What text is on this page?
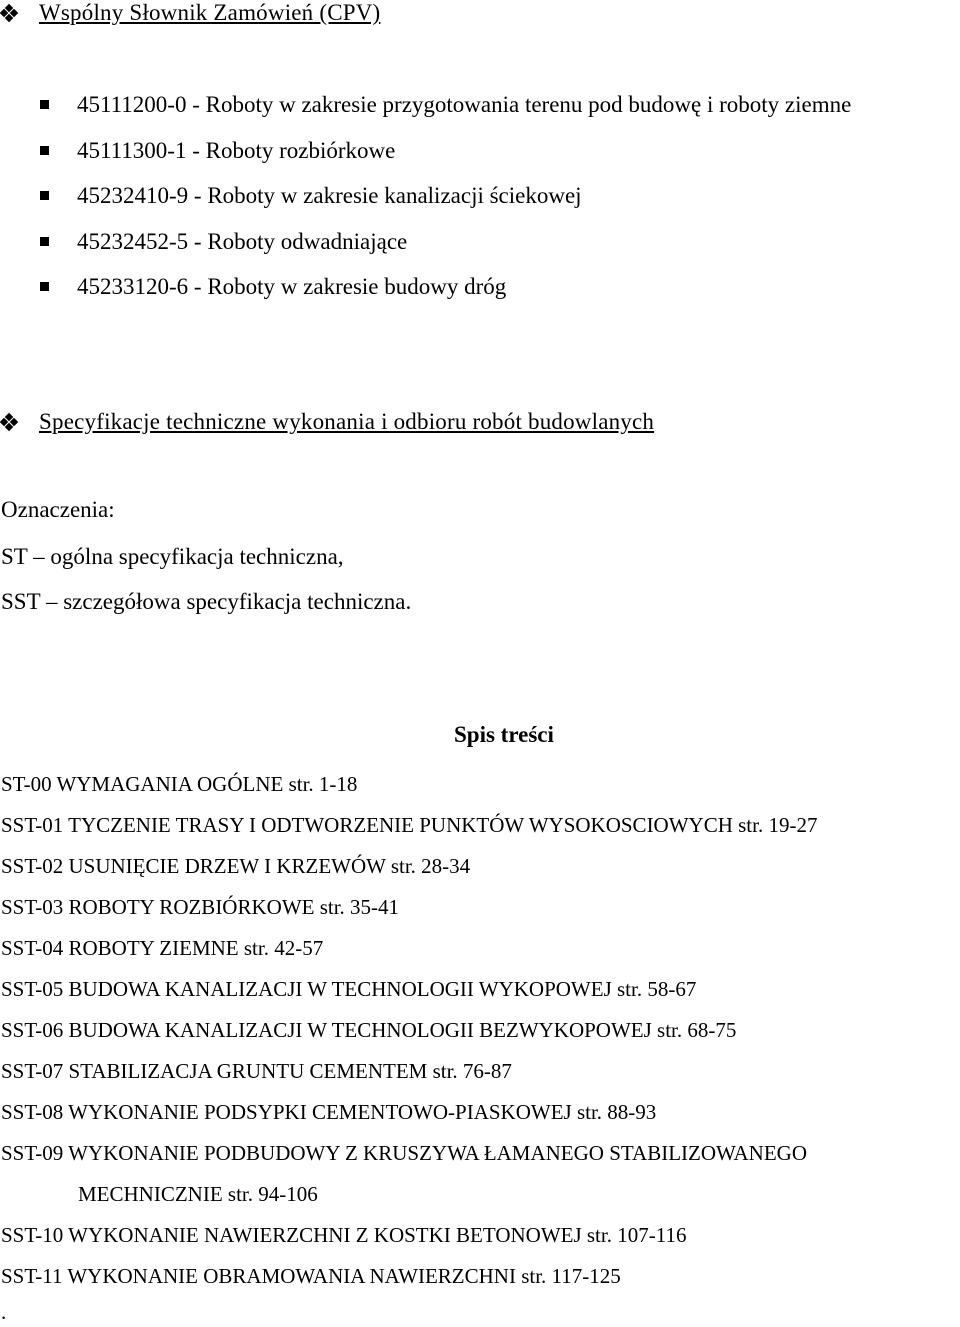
Wspólny Słownik Zamówień (CPV)
45111200-0 - Roboty w zakresie przygotowania terenu pod budowę i roboty ziemne
45111300-1 - Roboty rozbiórkowe
45232410-9 - Roboty w zakresie kanalizacji ściekowej
45232452-5 - Roboty odwadniające
45233120-6 - Roboty w zakresie budowy dróg
Specyfikacje techniczne wykonania i odbioru robót budowlanych
Oznaczenia:
ST – ogólna specyfikacja techniczna,
SST – szczegółowa specyfikacja techniczna.
Spis treści
ST-00 WYMAGANIA OGÓLNE str. 1-18
SST-01 TYCZENIE TRASY I ODTWORZENIE PUNKTÓW WYSOKOSCIOWYCH str. 19-27
SST-02 USUNIĘCIE DRZEW I KRZEWÓW str. 28-34
SST-03 ROBOTY ROZBIÓRKOWE str. 35-41
SST-04 ROBOTY ZIEMNE str. 42-57
SST-05 BUDOWA KANALIZACJI W TECHNOLOGII WYKOPOWEJ str. 58-67
SST-06 BUDOWA KANALIZACJI W TECHNOLOGII BEZWYKOPOWEJ str. 68-75
SST-07 STABILIZACJA GRUNTU CEMENTEM str. 76-87
SST-08 WYKONANIE PODSYPKI CEMENTOWO-PIASKOWEJ str. 88-93
SST-09 WYKONANIE PODBUDOWY Z KRUSZYWA ŁAMANEGO STABILIZOWANEGO
MECHNICZNIE str. 94-106
SST-10 WYKONANIE NAWIERZCHNI Z KOSTKI BETONOWEJ str. 107-116
SST-11 WYKONANIE OBRAMOWANIA NAWIERZCHNI str. 117-125
.
